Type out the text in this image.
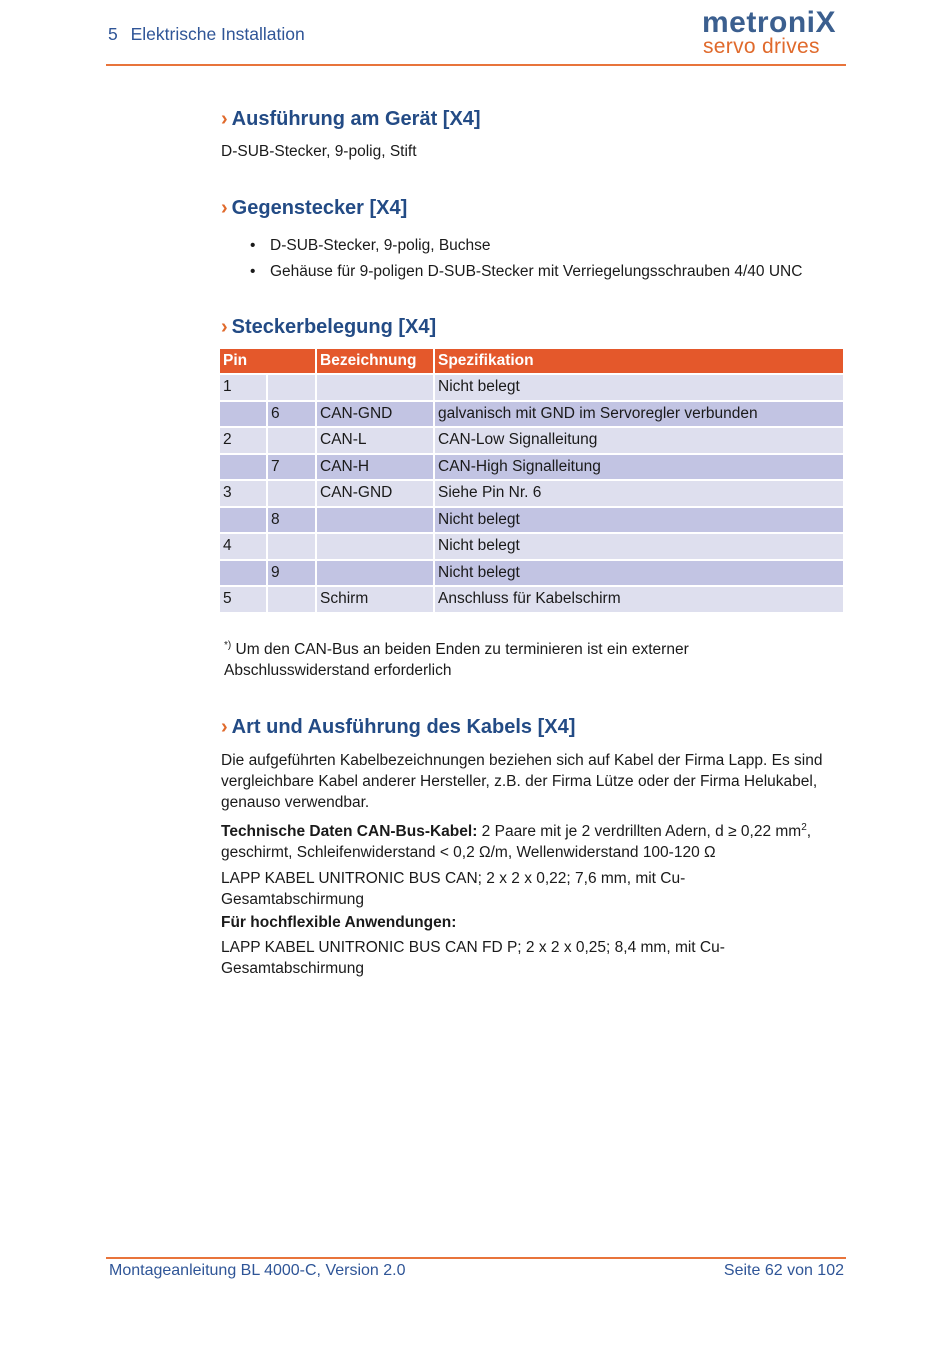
5 Elektrische Installation	metroniX
servo drives
› Ausführung am Gerät [X4]
D-SUB-Stecker, 9-polig, Stift
› Gegenstecker [X4]
• D-SUB-Stecker, 9-polig, Buchse
• Gehäuse für 9-poligen D-SUB-Stecker mit Verriegelungsschrauben 4/40 UNC
› Steckerbelegung [X4]
Pin		Bezeichnung	Spezifikation
1			Nicht belegt
	6	CAN-GND	galvanisch mit GND im Servoregler verbunden
2		CAN-L	CAN-Low Signalleitung
	7	CAN-H	CAN-High Signalleitung
3		CAN-GND	Siehe Pin Nr. 6
	8		Nicht belegt
4			Nicht belegt
	9		Nicht belegt
5		Schirm	Anschluss für Kabelschirm
*) Um den CAN-Bus an beiden Enden zu terminieren ist ein externer
Abschlusswiderstand erforderlich
› Art und Ausführung des Kabels [X4]
Die aufgeführten Kabelbezeichnungen beziehen sich auf Kabel der Firma Lapp. Es sind
vergleichbare Kabel anderer Hersteller, z.B. der Firma Lütze oder der Firma Helukabel,
genauso verwendbar.
Technische Daten CAN-Bus-Kabel: 2 Paare mit je 2 verdrillten Adern, d ≥ 0,22 $mm^2$,
geschirmt, Schleifenwiderstand < 0,2 Ω/m, Wellenwiderstand 100-120 Ω
LAPP KABEL UNITRONIC BUS CAN; 2 x 2 x 0,22; 7,6 mm, mit Cu-
Gesamtabschirmung
Für hochflexible Anwendungen:
LAPP KABEL UNITRONIC BUS CAN FD P; 2 x 2 x 0,25; 8,4 mm, mit Cu-
Gesamtabschirmung
Montageanleitung BL 4000-C, Version 2.0	Seite 62 von 102
